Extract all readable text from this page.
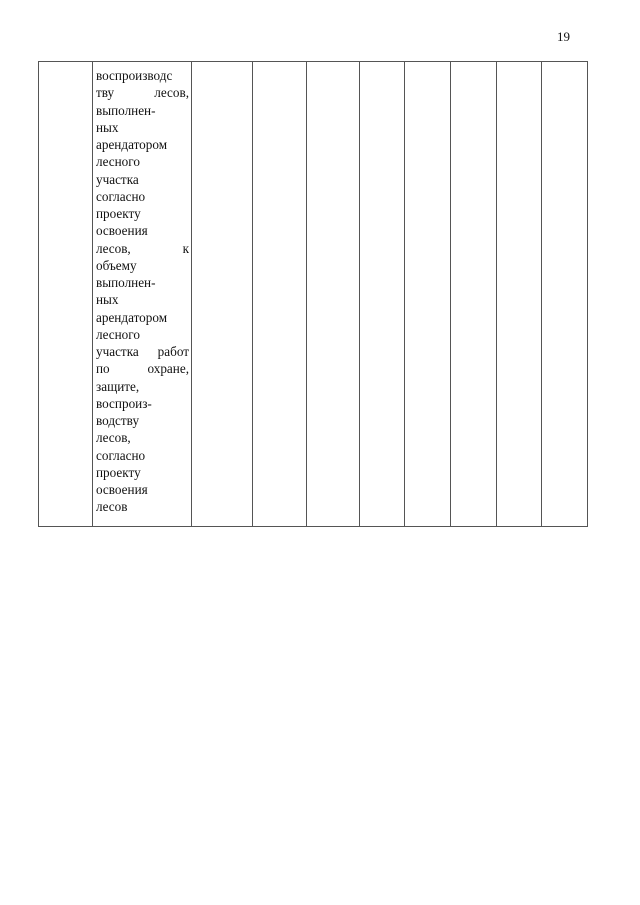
19

воспроизводс
тву	лесов,
выполнен-
ных
арендатором
лесного
участка
согласно
проекту
освоения
лесов,	к
объему
выполнен-
ных
арендатором
лесного
участка работ
по	охране,
защите,
воспроиз-
водству
лесов,
согласно
проекту
освоения
лесов
